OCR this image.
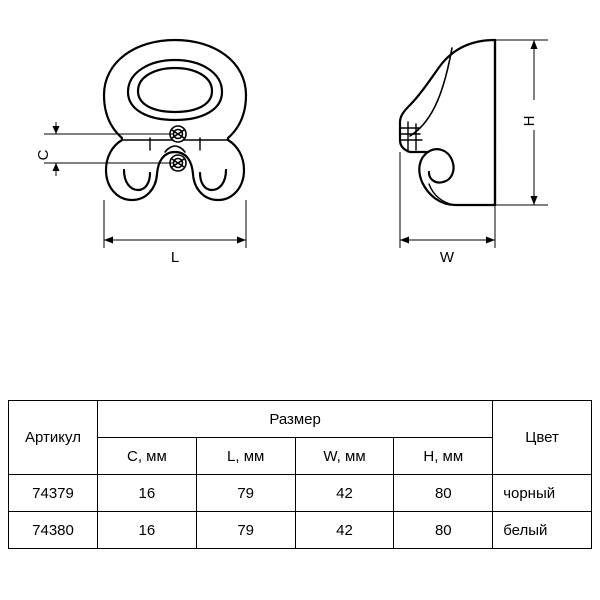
C
L
H
W
Артикул	Размер				Цвет
	C, мм	L, мм	W, мм	H, мм	
74379	16	79	42	80	чорный
74380	16	79	42	80	белый
